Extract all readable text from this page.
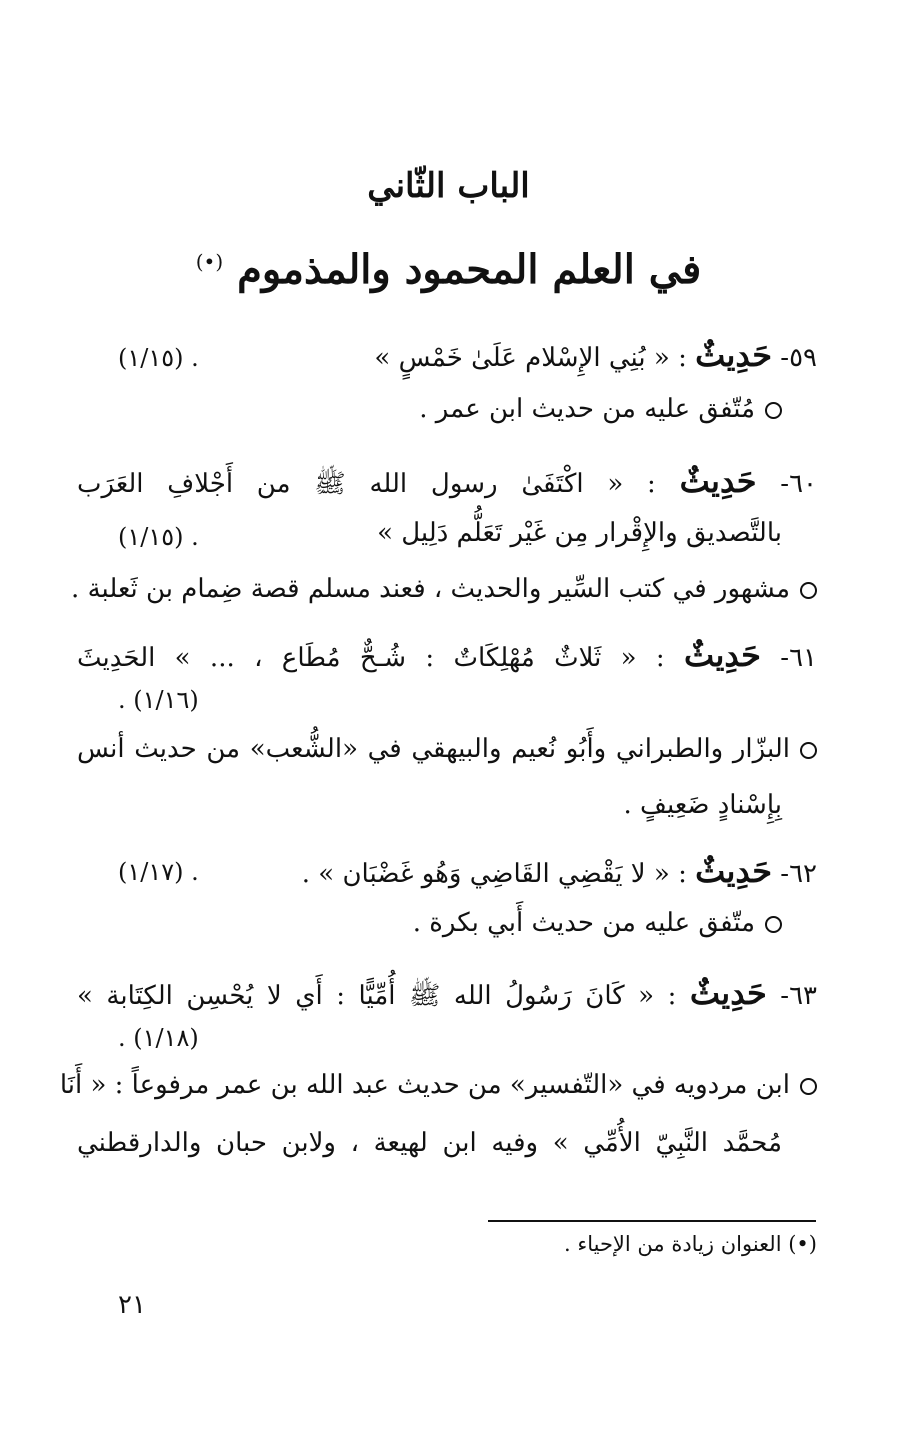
الباب الثّاني
في العلم المحمود والمذموم (•)
٥٩- حَدِيثٌ : « بُنِي الإِسْلام عَلَىٰ خَمْسٍ »
(١/١٥) .
مُتّفق عليه من حديث ابن عمر .
٦٠- حَدِيثٌ : « اكْتَفَىٰ رسول الله ﷺ من أَجْلافِ العَرَب
بالتَّصديق والإِقْرار مِن غَيْر تَعَلُّم دَلِيل »
(١/١٥) .
مشهور في كتب السِّير والحديث ، فعند مسلم قصة ضِمام بن ثَعلبة .
٦١- حَدِيثٌ : « ثَلاثٌ مُهْلِكَاتٌ : شُـحٌّ مُطَاع ، ... » الحَدِيثَ
. (١/١٦)
البزّار والطبراني وأَبُو نُعيم والبيهقي في «الشُّعب» من حديث أنس
بِإِسْنادٍ ضَعِيفٍ .
٦٢- حَدِيثٌ : « لا يَقْضِي القَاضِي وَهُو غَضْبَان » .
(١/١٧) .
متّفق عليه من حديث أَبي بكرة .
٦٣- حَدِيثٌ : « كَانَ رَسُولُ الله ﷺ أُمِّيًّا : أَي لا يُحْسِن الكِتَابة »
. (١/١٨)
ابن مردويه في «التّفسير» من حديث عبد الله بن عمر مرفوعاً : « أَنَا
مُحمَّد النَّبِيّ الأُمِّي » وفيه ابن لهيعة ، ولابن حبان والدارقطني
(•) العنوان زيادة من الإحياء .
٢١
